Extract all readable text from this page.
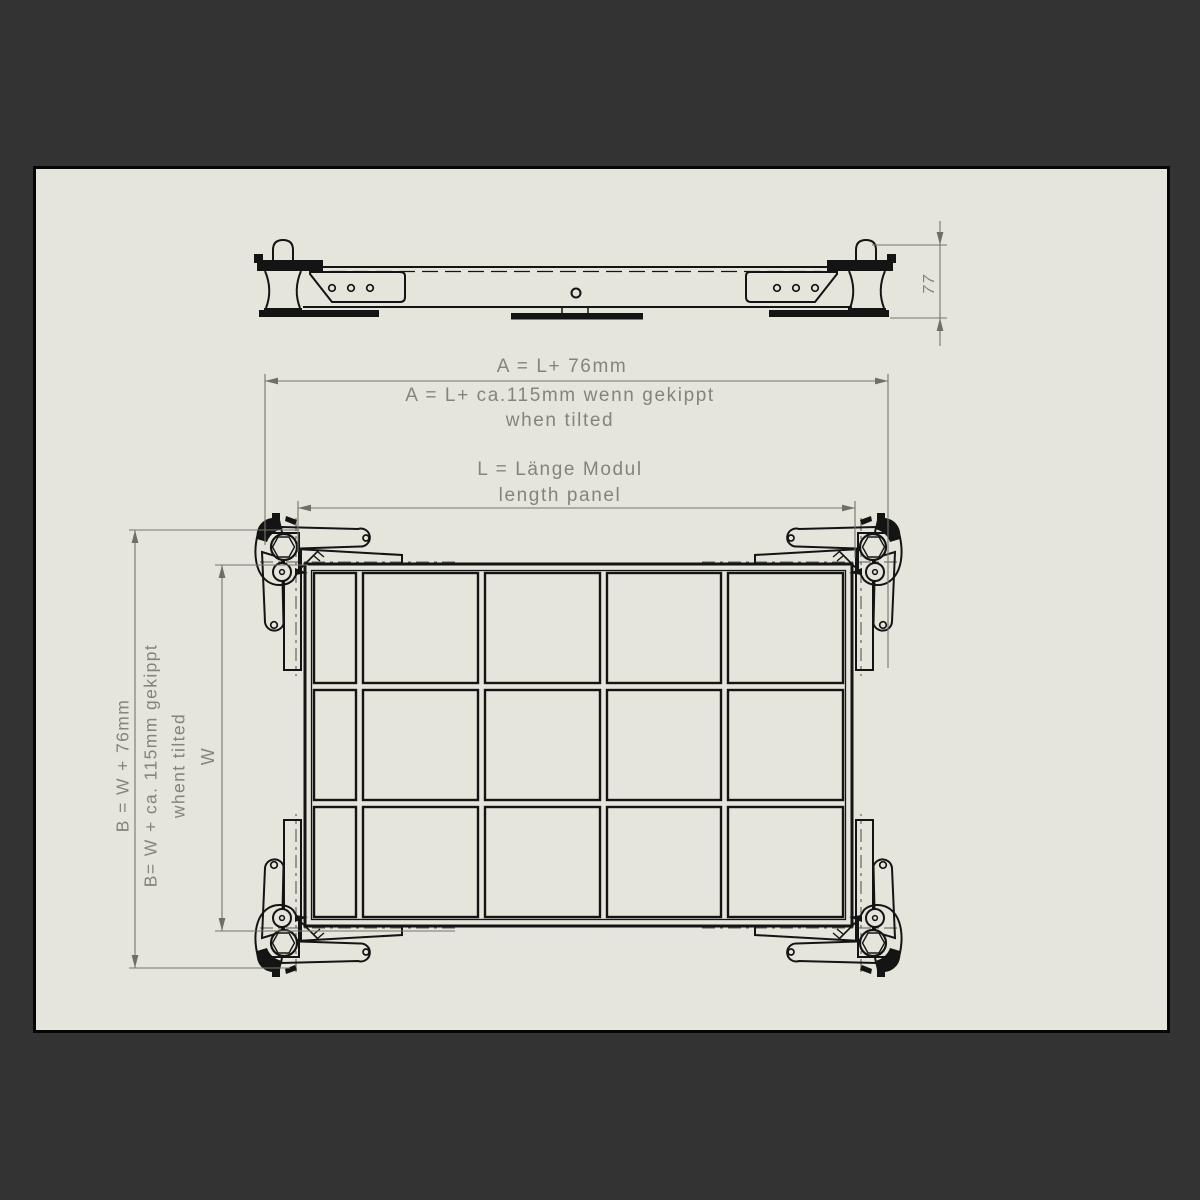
A = L+ 76mm
A = L+ ca.115mm wenn gekippt
when tilted
L = Länge Modul
length panel
B = W + 76mm B= W + ca. 115mm gekippt whent tilted W
77
